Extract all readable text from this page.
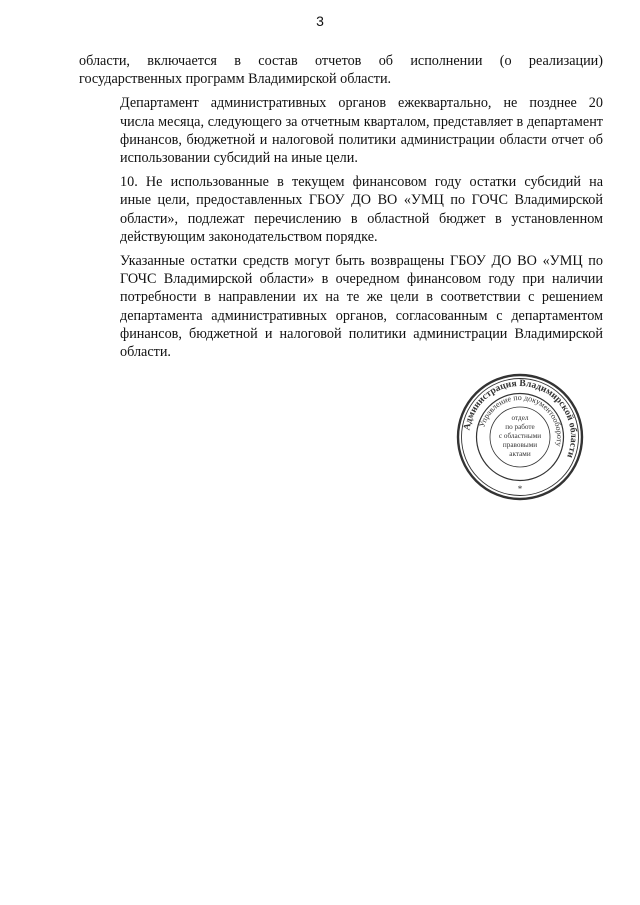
3

области, включается в состав отчетов об исполнении (о реализации)
государственных программ Владимирской области.

Департамент административных органов ежеквартально, не позднее 20
числа месяца, следующего за отчетным кварталом, представляет в департамент
финансов, бюджетной и налоговой политики администрации области отчет об
использовании субсидий на иные цели.

10. Не использованные в текущем финансовом году остатки субсидий на
иные цели, предоставленных ГБОУ ДО ВО «УМЦ по ГОЧС Владимирской
области», подлежат перечислению в областной бюджет в установленном
действующим законодательством порядке.

Указанные остатки средств могут быть возвращены ГБОУ ДО ВО «УМЦ по
ГОЧС Владимирской области» в очередном финансовом году при наличии
потребности в направлении их на те же цели в соответствии с решением
департамента административных органов, согласованным с департаментом
финансов, бюджетной и налоговой политики администрации Владимирской
области.

Администрация Владимирской области
Управление по документообороту
*
отдел
по работе
с областными
правовыми
актами
